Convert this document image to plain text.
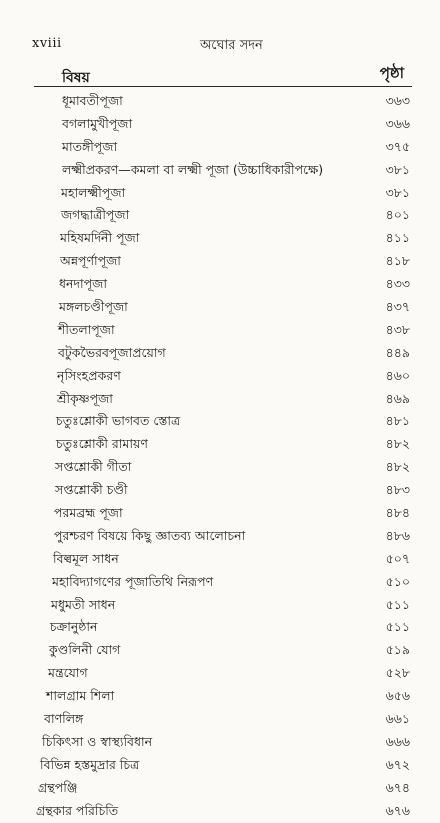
xviii	অঘোর সদন
বিষয়	পৃষ্ঠা
ধূমাবতীপূজা	৩৬৩
বগলামুখীপূজা	৩৬৬
মাতঙ্গীপূজা	৩৭৫
লক্ষ্মীপ্রকরণ—কমলা বা লক্ষ্মী পূজা (উচ্চাধিকারীপক্ষে)	৩৮১
মহালক্ষ্মীপূজা	৩৮১
জগদ্ধাত্রীপূজা	৪০১
মহিষমর্দিনী পূজা	৪১১
অন্নপূর্ণাপূজা	৪১৮
ধনদাপূজা	৪৩৩
মঙ্গলচণ্ডীপূজা	৪৩৭
শীতলাপূজা	৪৩৮
বটুকভৈরবপূজাপ্রয়োগ	৪৪৯
নৃসিংহপ্রকরণ	৪৬০
শ্রীকৃষ্ণপূজা	৪৬৯
চতুঃশ্লোকী ভাগবত স্তোত্র	৪৮১
চতুঃশ্লোকী রামায়ণ	৪৮২
সপ্তশ্লোকী গীতা	৪৮২
সপ্তশ্লোকী চণ্ডী	৪৮৩
পরমব্রহ্ম পূজা	৪৮৪
পুরশ্চরণ বিষয়ে কিছু জ্ঞাতব্য আলোচনা	৪৮৬
বিল্বমূল সাধন	৫০৭
মহাবিদ্যাগণের পূজাতিথি নিরূপণ	৫১০
মধুমতী সাধন	৫১১
চক্রানুষ্ঠান	৫১১
কুণ্ডলিনী যোগ	৫১৯
মন্ত্রযোগ	৫২৮
শালগ্রাম শিলা	৬৫৬
বাণলিঙ্গ	৬৬১
চিকিৎসা ও স্বাস্থ্যবিধান	৬৬৬
বিভিন্ন হস্তমুদ্রার চিত্র	৬৭২
গ্রন্থপঞ্জি	৬৭৪
গ্রন্থকার পরিচিতি	৬৭৬
